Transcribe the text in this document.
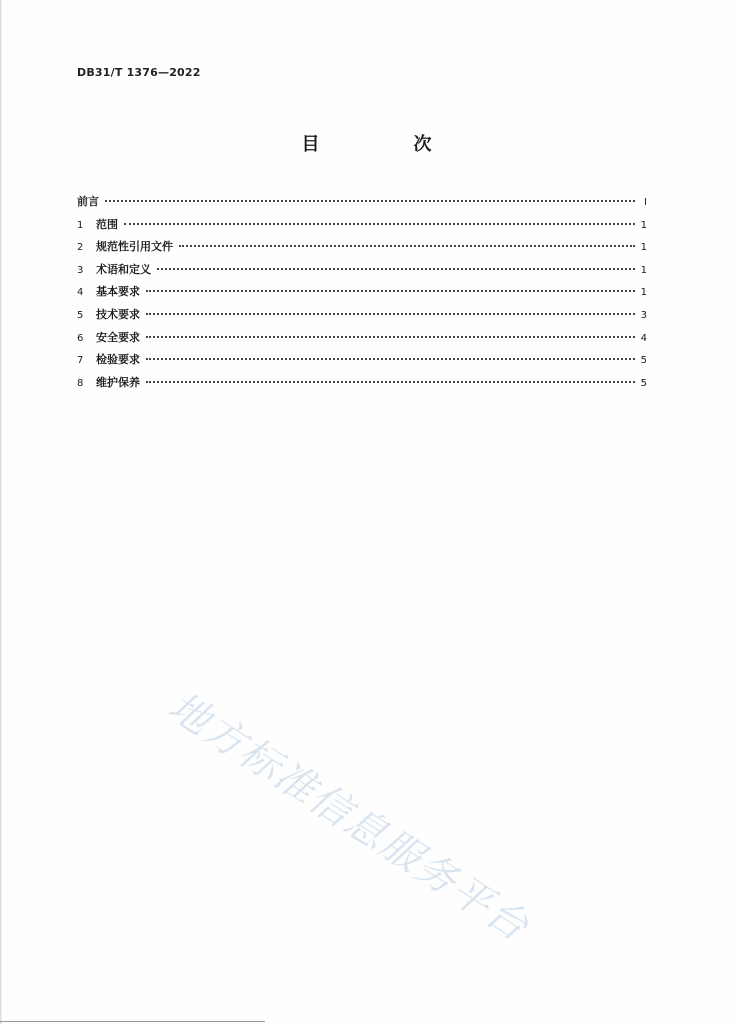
DB31/T 1376—2022
目　次
前言	Ⅰ
1	范围	1
2	规范性引用文件	1
3	术语和定义	1
4	基本要求	1
5	技术要求	3
6	安全要求	4
7	检验要求	5
8	维护保养	5
地方标准信息服务平台
